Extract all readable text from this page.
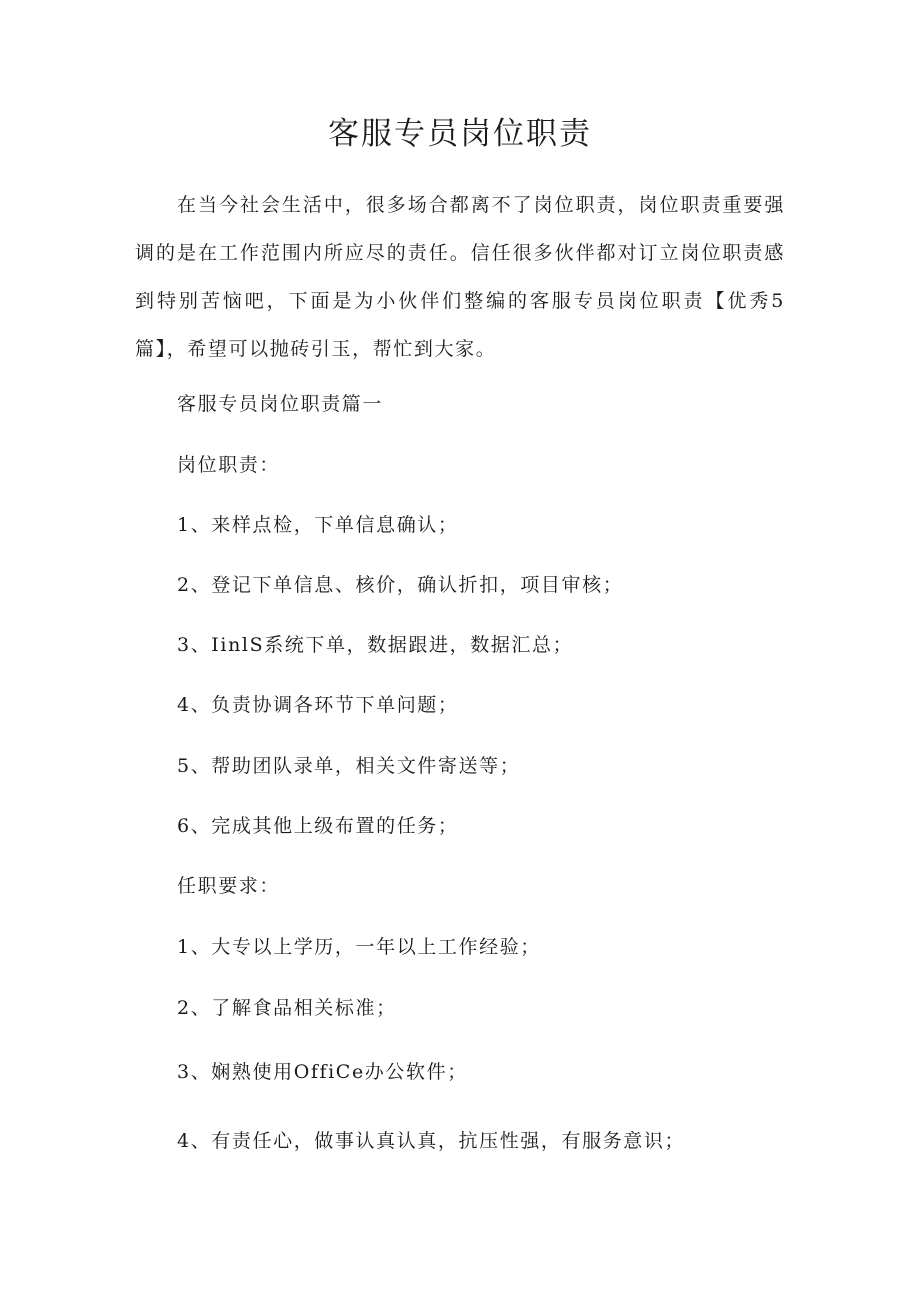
客服专员岗位职责

在当今社会生活中，很多场合都离不了岗位职责，岗位职责重要强调的是在工作范围内所应尽的责任。信任很多伙伴都对订立岗位职责感到特别苦恼吧，下面是为小伙伴们整编的客服专员岗位职责【优秀5篇】，希望可以抛砖引玉，帮忙到大家。

客服专员岗位职责篇一

岗位职责：

1、来样点检，下单信息确认；

2、登记下单信息、核价，确认折扣，项目审核；

3、IinlS系统下单，数据跟进，数据汇总；

4、负责协调各环节下单问题；

5、帮助团队录单，相关文件寄送等；

6、完成其他上级布置的任务；

任职要求：

1、大专以上学历，一年以上工作经验；

2、了解食品相关标准；

3、娴熟使用OffiCe办公软件；

4、有责任心，做事认真认真，抗压性强，有服务意识；
